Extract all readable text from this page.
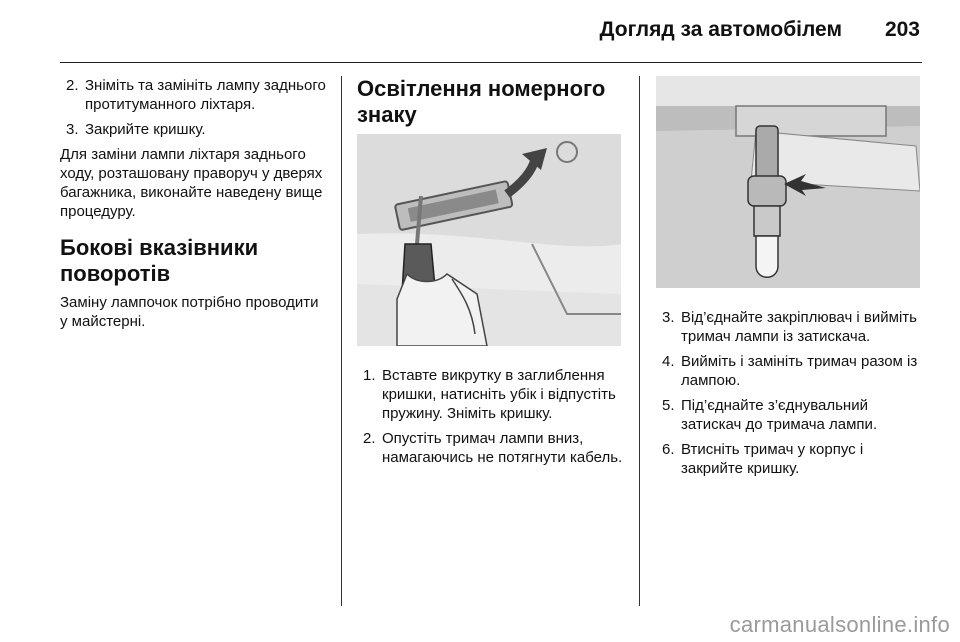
Догляд за автомобілем 203
2. Зніміть та замініть лампу заднього протитуманного ліхтаря.
3. Закрийте кришку.

Для заміни лампи ліхтаря заднього ходу, розташовану праворуч у дверях багажника, виконайте наведену вище процедуру.

Бокові вказівники поворотів

Заміну лампочок потрібно проводити у майстерні.

Освітлення номерного знаку
1. Вставте викрутку в заглиблення кришки, натисніть убік і відпустіть пружину. Зніміть кришку.
2. Опустіть тримач лампи вниз, намагаючись не потягнути кабель.
3. Від’єднайте закріплювач і вийміть тримач лампи із затискача.
4. Вийміть і замініть тримач разом із лампою.
5. Під’єднайте з’єднувальний затискач до тримача лампи.
6. Втисніть тримач у корпус і закрийте кришку.
carmanualsonline.info
